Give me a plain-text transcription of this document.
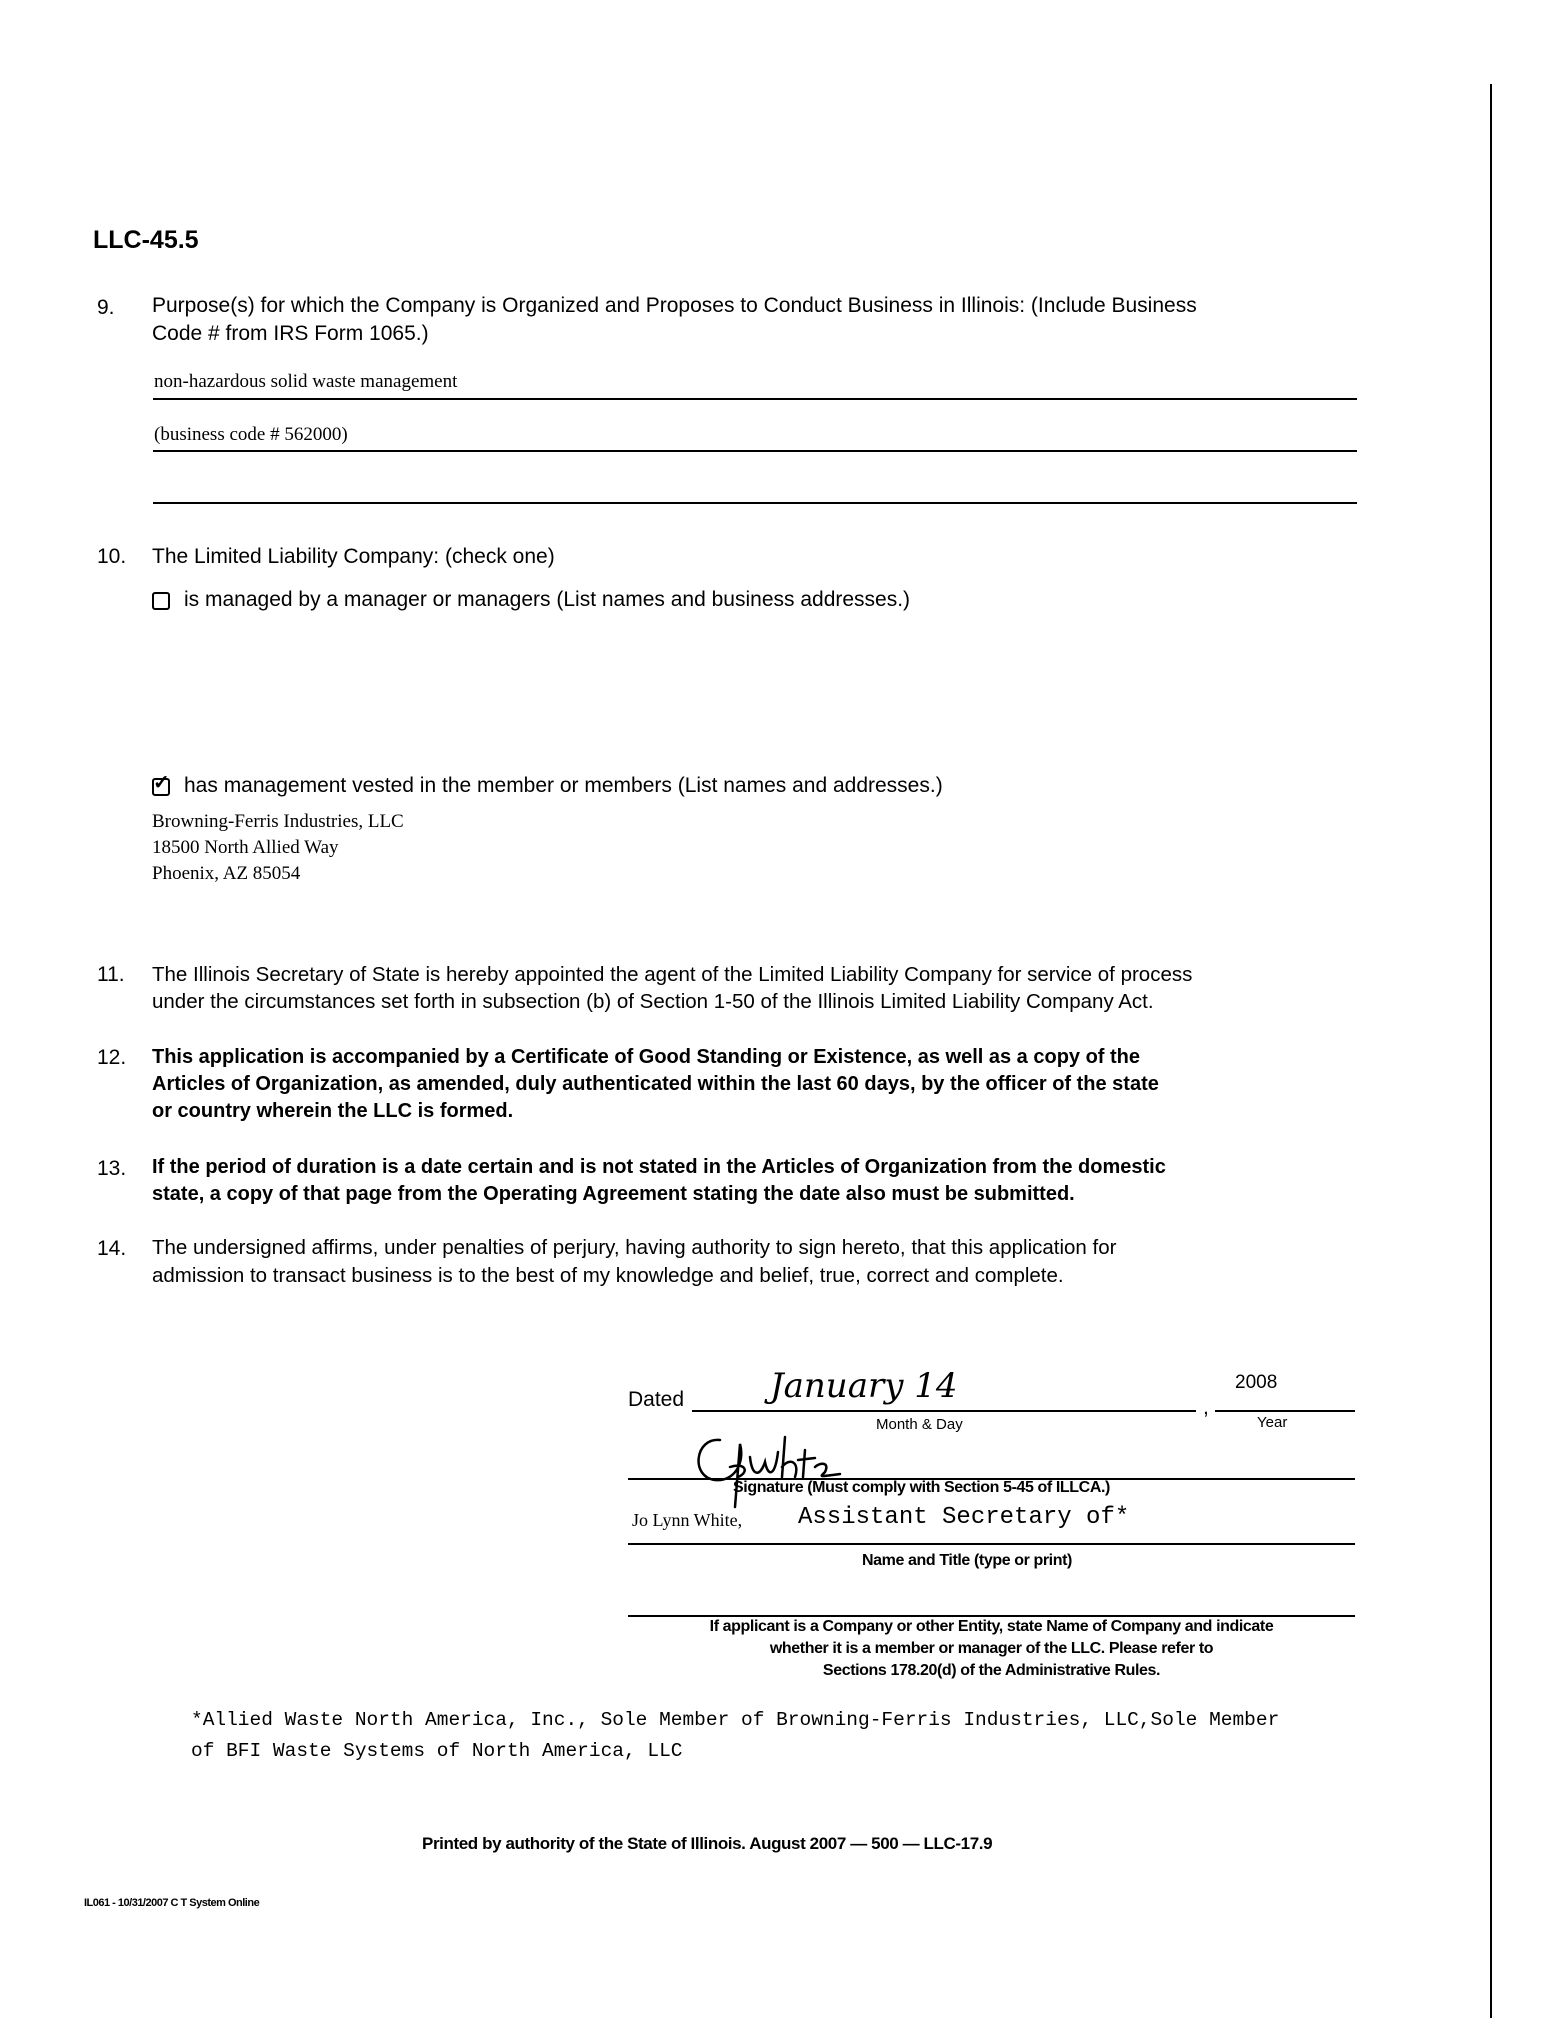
LLC-45.5
9. Purpose(s) for which the Company is Organized and Proposes to Conduct Business in Illinois: (Include Business
Code # from IRS Form 1065.)
non-hazardous solid waste management
(business code # 562000)
10. The Limited Liability Company: (check one)
is managed by a manager or managers (List names and business addresses.)
✓ has management vested in the member or members (List names and addresses.)
Browning-Ferris Industries, LLC
18500 North Allied Way
Phoenix, AZ 85054
11. The Illinois Secretary of State is hereby appointed the agent of the Limited Liability Company for service of process
under the circumstances set forth in subsection (b) of Section 1-50 of the Illinois Limited Liability Company Act.
12. This application is accompanied by a Certificate of Good Standing or Existence, as well as a copy of the
Articles of Organization, as amended, duly authenticated within the last 60 days, by the officer of the state
or country wherein the LLC is formed.
13. If the period of duration is a date certain and is not stated in the Articles of Organization from the domestic
state, a copy of that page from the Operating Agreement stating the date also must be submitted.
14. The undersigned affirms, under penalties of perjury, having authority to sign hereto, that this application for
admission to transact business is to the best of my knowledge and belief, true, correct and complete.
Dated	January 14
,
2008
Month & Day	Year
Signature (Must comply with Section 5-45 of ILLCA.)
Jo Lynn White, Assistant Secretary of*
Name and Title (type or print)
If applicant is a Company or other Entity, state Name of Company and indicate
whether it is a member or manager of the LLC. Please refer to
Sections 178.20(d) of the Administrative Rules.
*Allied Waste North America, Inc., Sole Member of Browning-Ferris Industries, LLC,Sole Member
of BFI Waste Systems of North America, LLC
Printed by authority of the State of Illinois. August 2007 — 500 — LLC-17.9
IL061 - 10/31/2007 C T System Online
